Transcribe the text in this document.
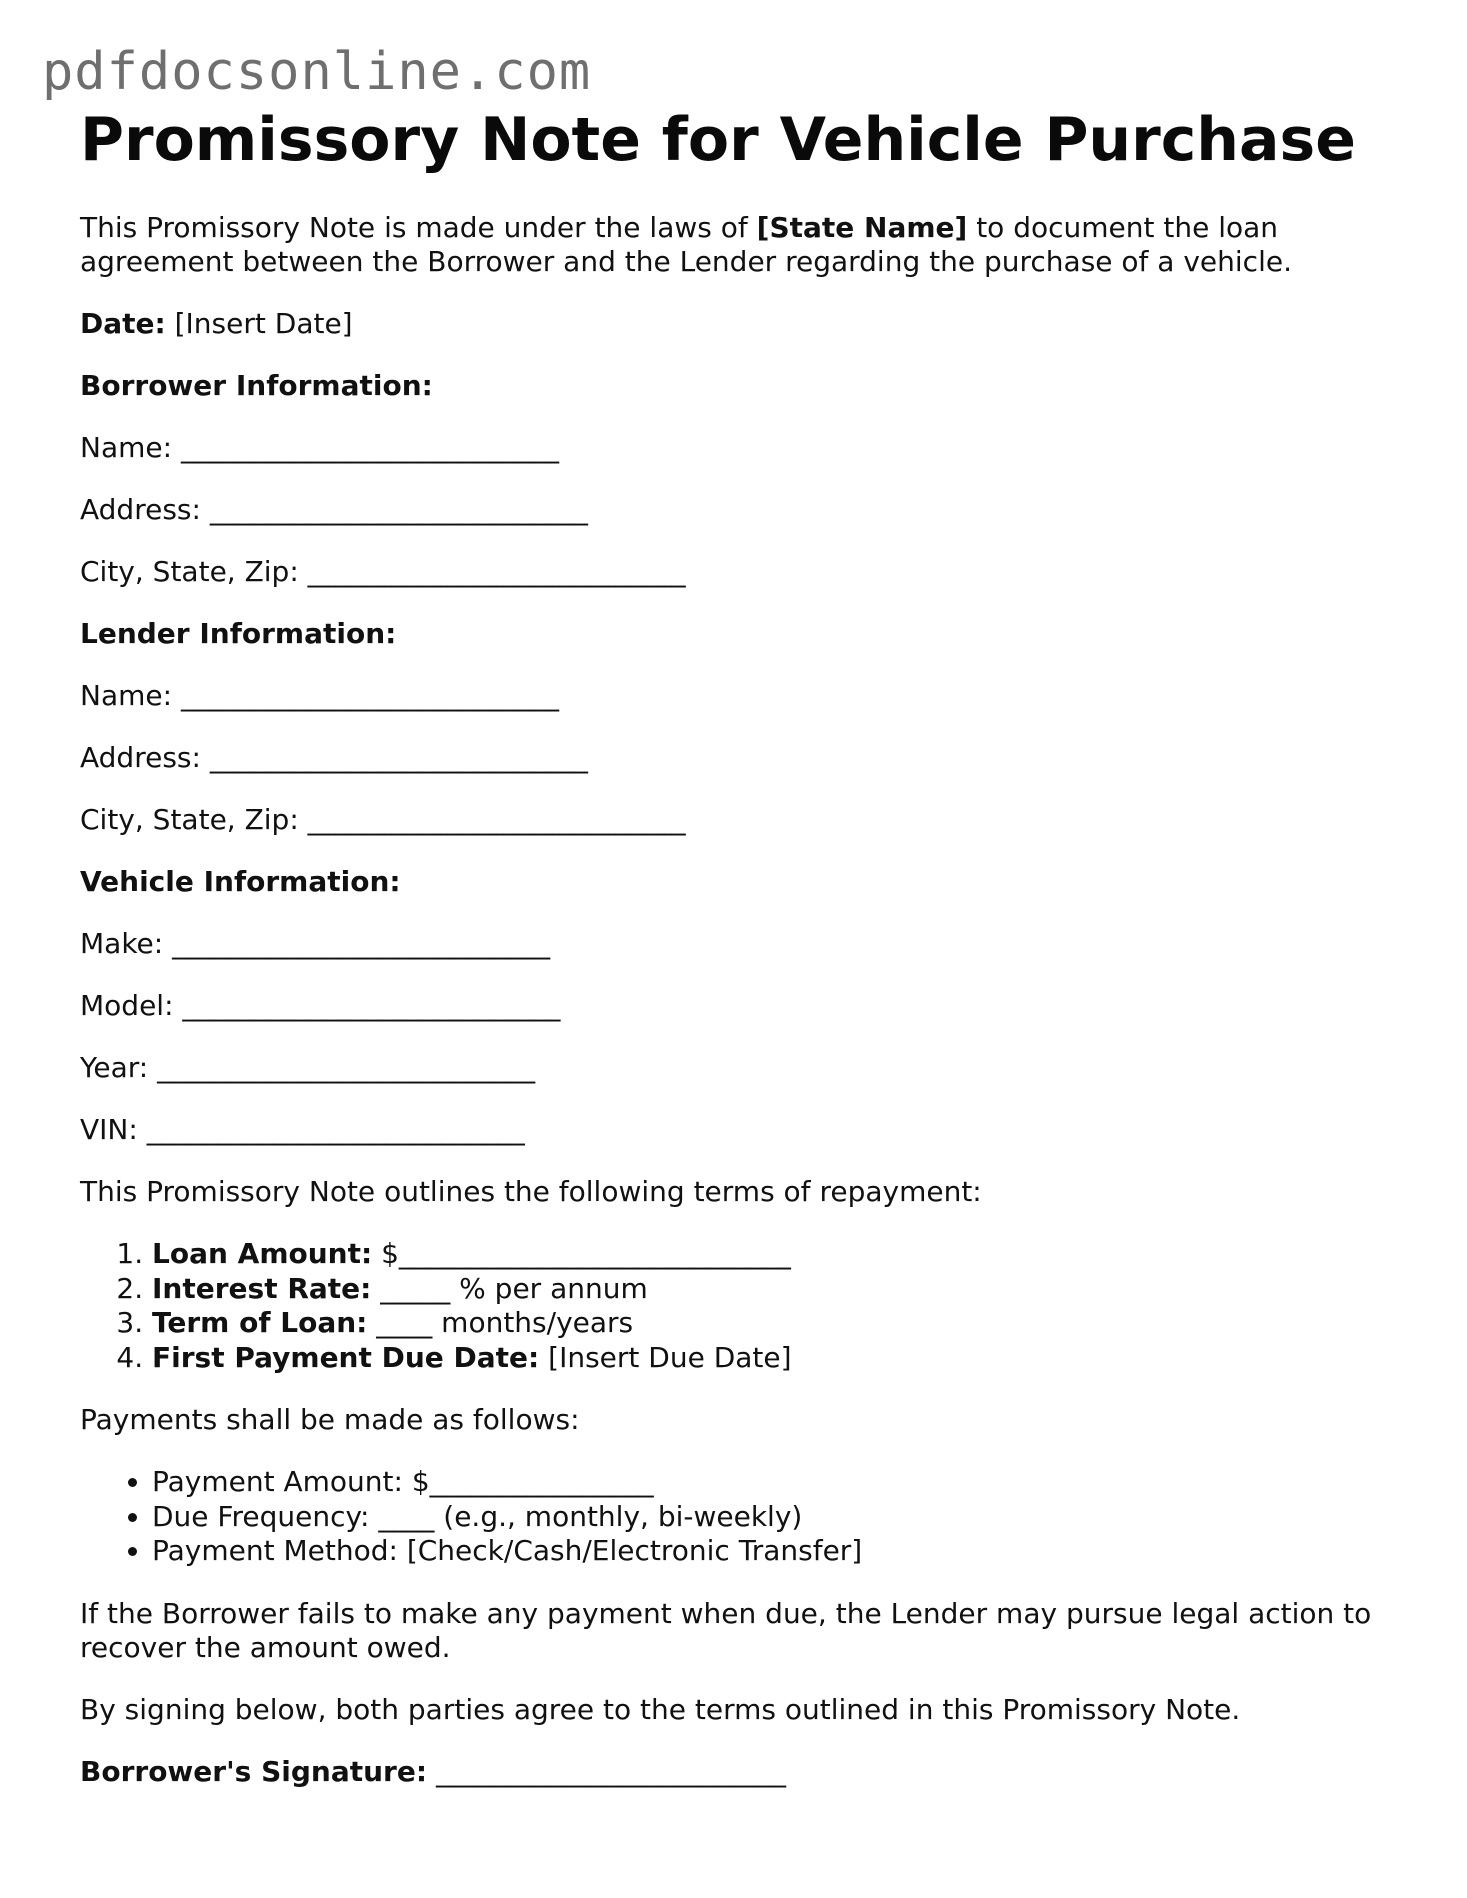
pdfdocsonline.com
Promissory Note for Vehicle Purchase

This Promissory Note is made under the laws of [State Name] to document the loan agreement between the Borrower and the Lender regarding the purchase of a vehicle.

Date: [Insert Date]

Borrower Information:

Name: ___________________________

Address: ___________________________

City, State, Zip: ___________________________

Lender Information:

Name: ___________________________

Address: ___________________________

City, State, Zip: ___________________________

Vehicle Information:

Make: ___________________________

Model: ___________________________

Year: ___________________________

VIN: ___________________________

This Promissory Note outlines the following terms of repayment:

1. Loan Amount: $____________________________
2. Interest Rate: _____ % per annum
3. Term of Loan: ____ months/years
4. First Payment Due Date: [Insert Due Date]

Payments shall be made as follows:

• Payment Amount: $________________
• Due Frequency: ____ (e.g., monthly, bi-weekly)
• Payment Method: [Check/Cash/Electronic Transfer]

If the Borrower fails to make any payment when due, the Lender may pursue legal action to recover the amount owed.

By signing below, both parties agree to the terms outlined in this Promissory Note.

Borrower's Signature: _________________________
